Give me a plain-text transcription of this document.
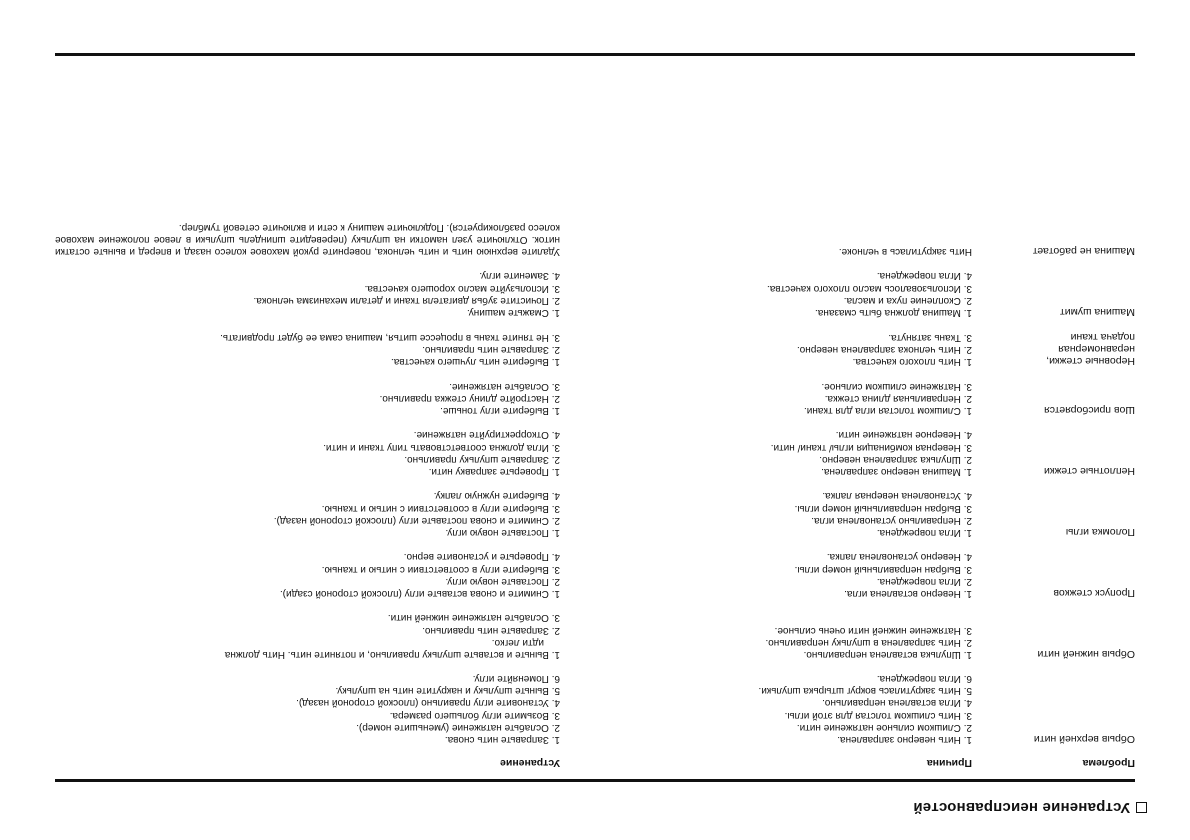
Устранение неисправностей
Проблема
Причина
Устранение
Обрыв верхней нити
1. Нить неверно заправлена.
2. Слишком сильное натяжение нити.
3. Нить слишком толстая для этой иглы.
4. Игла вставлена неправильно.
5. Нить закрутилась вокруг штырька шпульки.
6. Игла повреждена.
1. Заправьте нить снова.
2. Ослабьте натяжение (уменьшите номер).
3. Возьмите иглу большего размера.
4. Установите иглу правильно (плоской стороной назад).
5. Выньте шпульку и накрутите нить на шпульку.
6. Поменяйте иглу.
Обрыв нижней нити
1. Шпулька вставлена неправильно.
2. Нить заправлена в шпульку неправильно.
3. Натяжение нижней нити очень сильное.
1. Выньте и вставьте шпульку правильно, и потяните нить. Нить должна
идти легко.
2. Заправьте нить правильно.
3. Ослабьте натяжение нижней нити.
Пропуск стежков
1. Неверно вставлена игла.
2. Игла повреждена.
3. Выбран неправильный номер иглы.
4. Неверно установлена лапка.
1. Снимите и снова вставьте иглу (плоской стороной сзади).
2. Поставьте новую иглу.
3. Выберите иглу в соответствии с нитью и тканью.
4. Проверьте и установите верно.
Поломка иглы
1. Игла повреждена.
2. Неправильно установлена игла.
3. Выбран неправильный номер иглы.
4. Установлена неверная лапка.
1. Поставьте новую иглу.
2. Снимите и снова поставьте иглу (плоской стороной назад).
3. Выберите иглу в соответствии с нитью и тканью.
4. Выберите нужную лапку.
Неплотные стежки
1. Машина неверно заправлена.
2. Шпулька заправлена неверно.
3. Неверная комбинация иглы/ ткани/ нити.
4. Неверное натяжение нити.
1. Проверьте заправку нити.
2. Заправьте шпульку правильно.
3. Игла должна соответствовать типу ткани и нити.
4. Откорректируйте натяжение.
Шов присборяется
1. Слишком толстая игла для ткани.
2. Неправильная длина стежка.
3. Натяжение слишком сильное.
1. Выберите иглу тоньше.
2. Настройте длину стежка правильно.
3. Ослабьте натяжение.
Неровные стежки,
неравномерная
подача ткани
1. Нить плохого качества.
2. Нить челнока заправлена неверно.
3. Ткань затянута.
1. Выберите нить лучшего качества.
2. Заправьте нить правильно.
3. Не тяните ткань в процессе шитья, машина сама ее будет продвигать.
Машина шумит
1. Машина должна быть смазана.
2. Скопление пуха и масла.
3. Использовалось масло плохого качества.
4. Игла повреждена.
1. Смажьте машину.
2. Почистите зубья двигателя ткани и детали механизма челнока.
3. Используйте масло хорошего качества.
4. Замените иглу.
Машина не работает
Нить закрутилась в челноке.
Удалите верхнюю нить и нить челнока, поверните рукой маховое колесо назад и вперед и выньте остатки ниток. Отключите узел намотки на шпульку (переведите шпиндель шпульки в левое положение маховое колесо разблокируется). Подключите машину к сети и включите сетевой тумблер.
